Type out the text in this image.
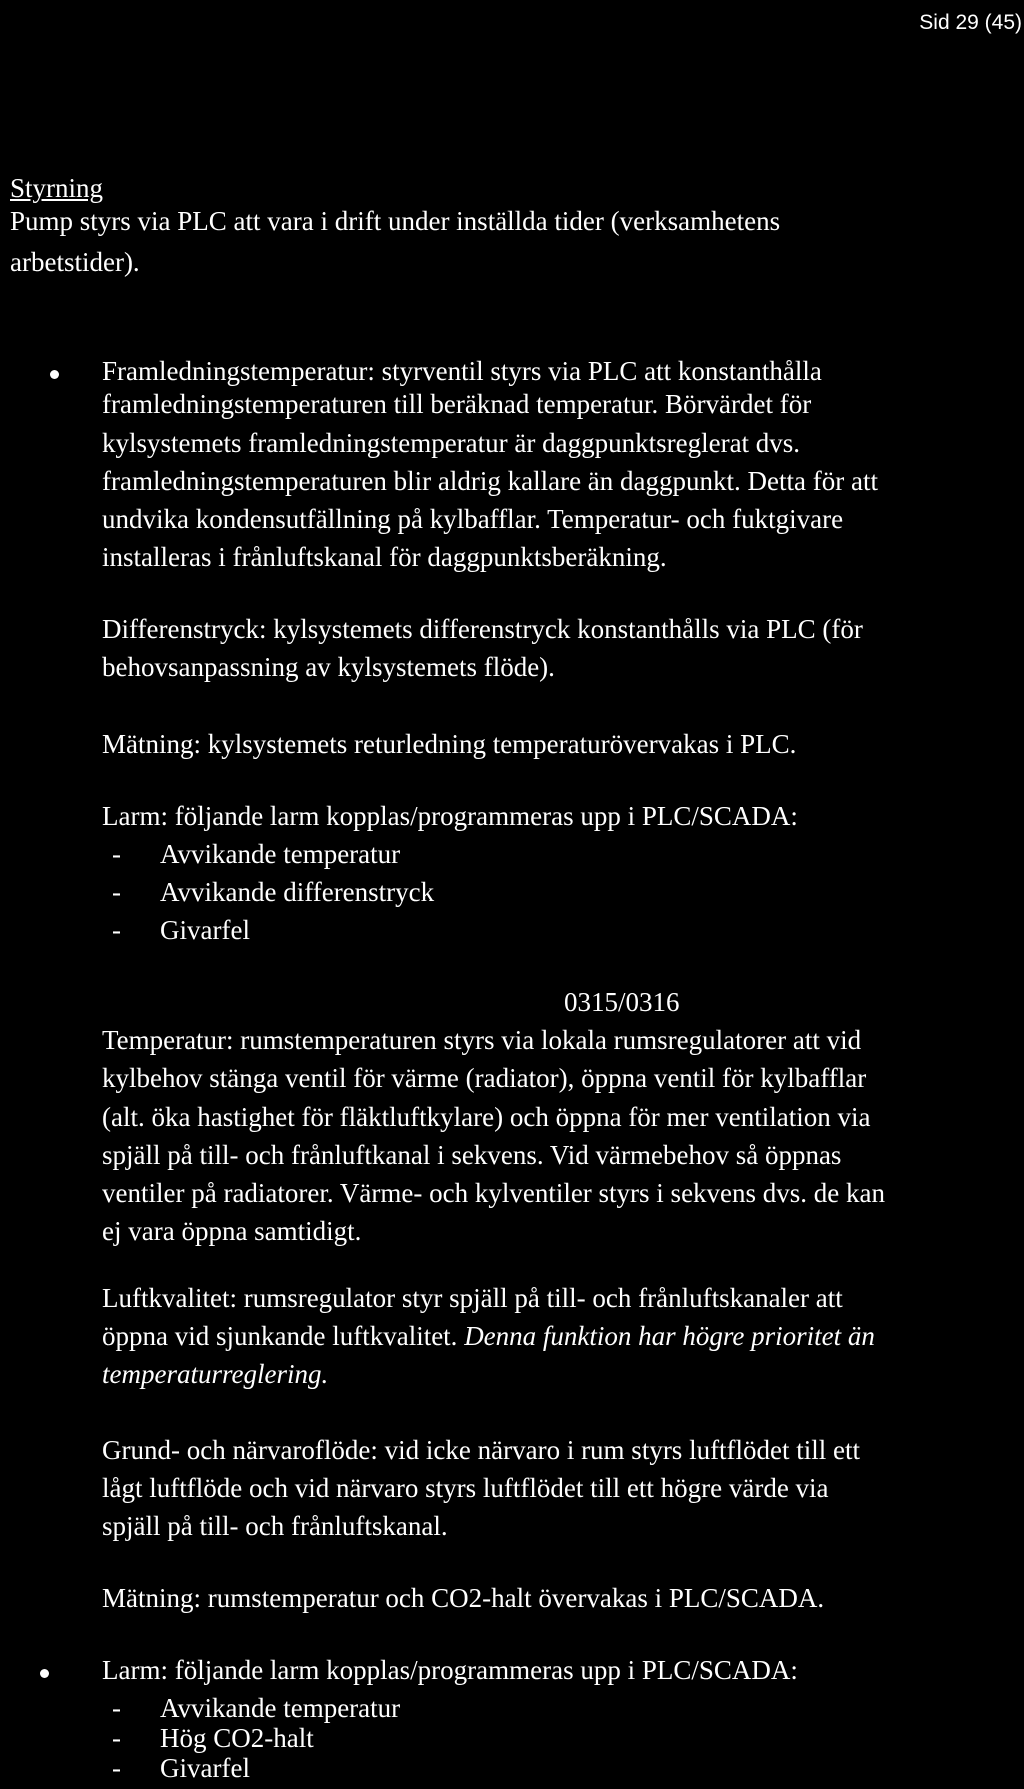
Sid 29 (45)
Styrning
Pump styrs via PLC att vara i drift under inställda tider (verksamhetens
arbetstider).
Framledningstemperatur: styrventil styrs via PLC att konstanthålla
framledningstemperaturen till beräknad temperatur. Börvärdet för
kylsystemets framledningstemperatur är daggpunktsreglerat dvs.
framledningstemperaturen blir aldrig kallare än daggpunkt. Detta för att
undvika kondensutfällning på kylbafflar. Temperatur- och fuktgivare
installeras i frånluftskanal för daggpunktsberäkning.
Differenstryck: kylsystemets differenstryck konstanthålls via PLC (för
behovsanpassning av kylsystemets flöde).
Mätning: kylsystemets returledning temperaturövervakas i PLC.
Larm: följande larm kopplas/programmeras upp i PLC/SCADA:
- Avvikande temperatur
- Avvikande differenstryck
- Givarfel
0315/0316
Temperatur: rumstemperaturen styrs via lokala rumsregulatorer att vid
kylbehov stänga ventil för värme (radiator), öppna ventil för kylbafflar
(alt. öka hastighet för fläktluftkylare) och öppna för mer ventilation via
spjäll på till- och frånluftkanal i sekvens. Vid värmebehov så öppnas
ventiler på radiatorer. Värme- och kylventiler styrs i sekvens dvs. de kan
ej vara öppna samtidigt.
Luftkvalitet: rumsregulator styr spjäll på till- och frånluftskanaler att
öppna vid sjunkande luftkvalitet. Denna funktion har högre prioritet än
temperaturreglering.
Grund- och närvaroflöde: vid icke närvaro i rum styrs luftflödet till ett
lågt luftflöde och vid närvaro styrs luftflödet till ett högre värde via
spjäll på till- och frånluftskanal.
Mätning: rumstemperatur och CO2-halt övervakas i PLC/SCADA.
Larm: följande larm kopplas/programmeras upp i PLC/SCADA:
- Avvikande temperatur
- Hög CO2-halt
- Givarfel
